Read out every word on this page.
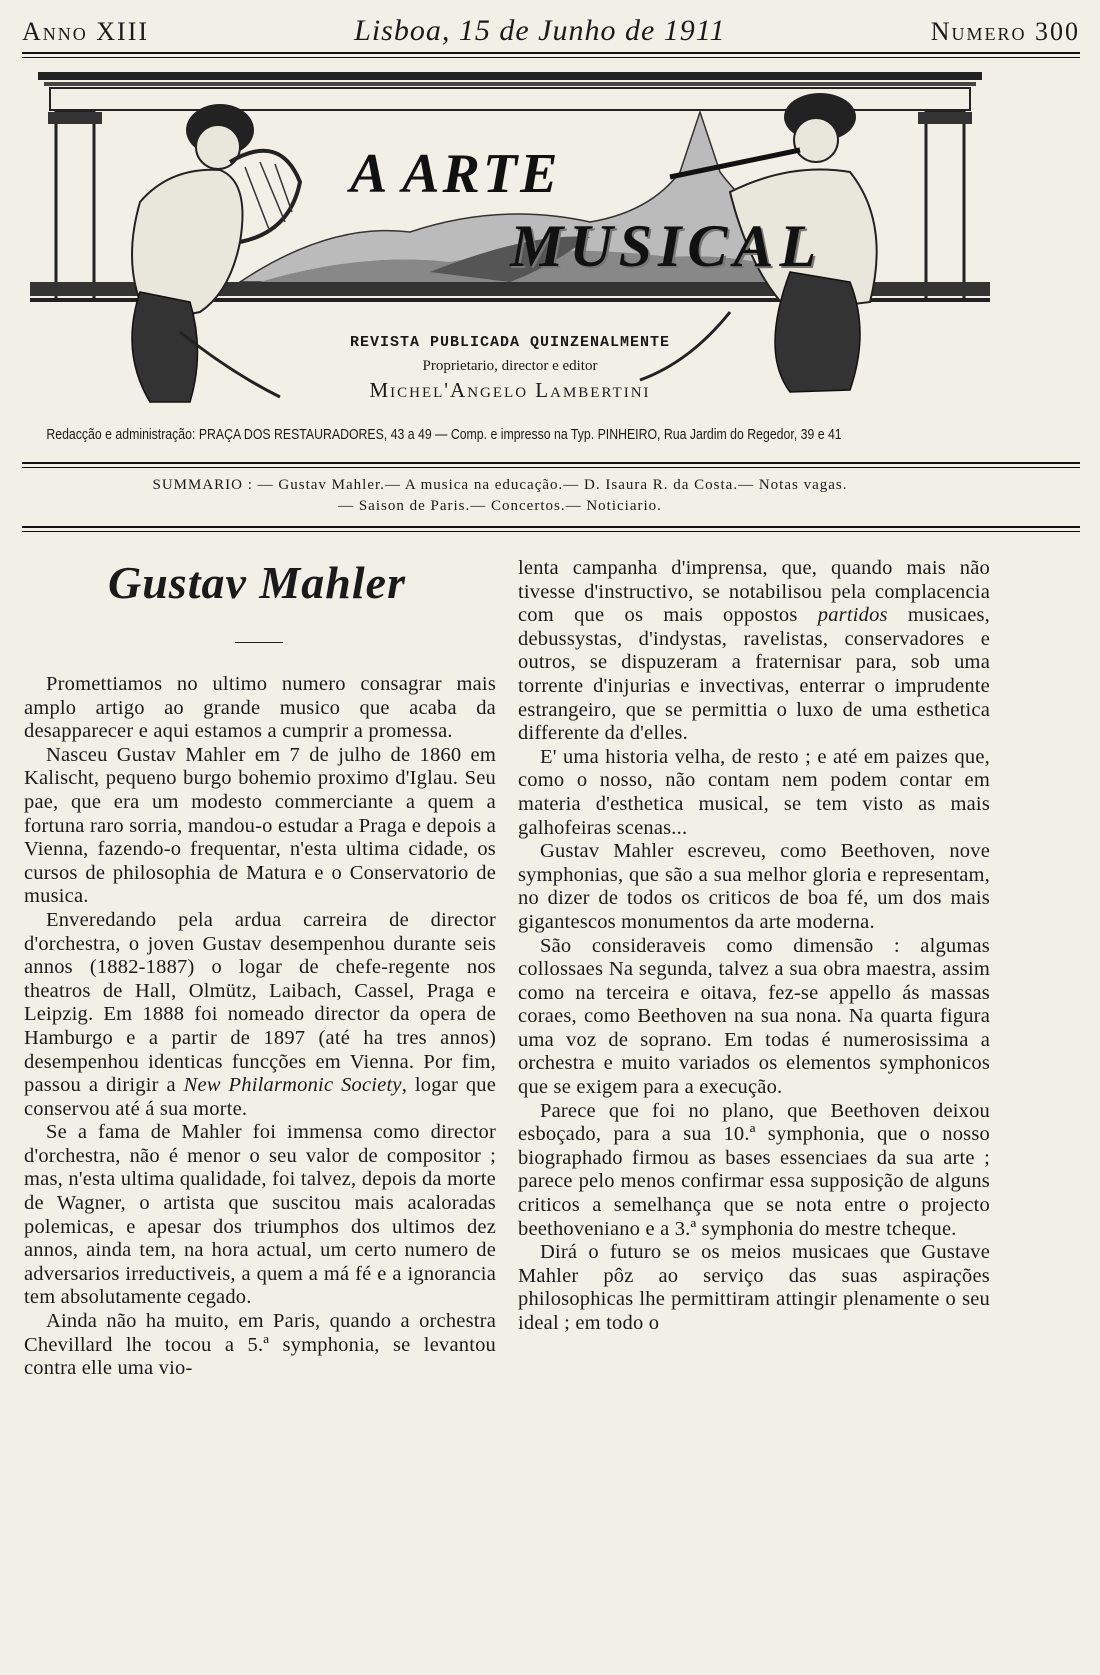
Anno XIII	Lisboa, 15 de Junho de 1911	Numero 300
A ARTE
MUSICAL
REVISTA PUBLICADA QUINZENALMENTE
Proprietario, director e editor
Michel'Angelo Lambertini
Redacção e administração: PRAÇA DOS RESTAURADORES, 43 a 49 — Comp. e impresso na Typ. PINHEIRO, Rua Jardim do Regedor, 39 e 41
SUMMARIO : — Gustav Mahler.— A musica na educação.— D. Isaura R. da Costa.— Notas vagas.
— Saison de Paris.— Concertos.— Noticiario.
Gustav Mahler

Promettiamos no ultimo numero consagrar mais amplo artigo ao grande musico que acaba da desapparecer e aqui estamos a cumprir a promessa.

Nasceu Gustav Mahler em 7 de julho de 1860 em Kalischt, pequeno burgo bohemio proximo d'Iglau. Seu pae, que era um modesto commerciante a quem a fortuna raro sorria, mandou-o estudar a Praga e depois a Vienna, fazendo-o frequentar, n'esta ultima cidade, os cursos de philosophia de Matura e o Conservatorio de musica.

Enveredando pela ardua carreira de director d'orchestra, o joven Gustav desempenhou durante seis annos (1882-1887) o logar de chefe-regente nos theatros de Hall, Olmütz, Laibach, Cassel, Praga e Leipzig. Em 1888 foi nomeado director da opera de Hamburgo e a partir de 1897 (até ha tres annos) desempenhou identicas funcções em Vienna. Por fim, passou a dirigir a New Philarmonic Society, logar que conservou até á sua morte.

Se a fama de Mahler foi immensa como director d'orchestra, não é menor o seu valor de compositor ; mas, n'esta ultima qualidade, foi talvez, depois da morte de Wagner, o artista que suscitou mais acaloradas polemicas, e apesar dos triumphos dos ultimos dez annos, ainda tem, na hora actual, um certo numero de adversarios irreductiveis, a quem a má fé e a ignorancia tem absolutamente cegado.

Ainda não ha muito, em Paris, quando a orchestra Chevillard lhe tocou a 5.ª symphonia, se levantou contra elle uma vio-

lenta campanha d'imprensa, que, quando mais não tivesse d'instructivo, se notabilisou pela complacencia com que os mais oppostos partidos musicaes, debussystas, d'indystas, ravelistas, conservadores e outros, se dispuzeram a fraternisar para, sob uma torrente d'injurias e invectivas, enterrar o imprudente estrangeiro, que se permittia o luxo de uma esthetica differente da d'elles.

E' uma historia velha, de resto ; e até em paizes que, como o nosso, não contam nem podem contar em materia d'esthetica musical, se tem visto as mais galhofeiras scenas...

Gustav Mahler escreveu, como Beethoven, nove symphonias, que são a sua melhor gloria e representam, no dizer de todos os criticos de boa fé, um dos mais gigantescos monumentos da arte moderna.

São consideraveis como dimensão : algumas collossaes Na segunda, talvez a sua obra maestra, assim como na terceira e oitava, fez-se appello ás massas coraes, como Beethoven na sua nona. Na quarta figura uma voz de soprano. Em todas é numerosissima a orchestra e muito variados os elementos symphonicos que se exigem para a execução.

Parece que foi no plano, que Beethoven deixou esboçado, para a sua 10.ª symphonia, que o nosso biographado firmou as bases essenciaes da sua arte ; parece pelo menos confirmar essa supposição de alguns criticos a semelhança que se nota entre o projecto beethoveniano e a 3.ª symphonia do mestre tcheque.

Dirá o futuro se os meios musicaes que Gustave Mahler pôz ao serviço das suas aspirações philosophicas lhe permittiram attingir plenamente o seu ideal ; em todo o
